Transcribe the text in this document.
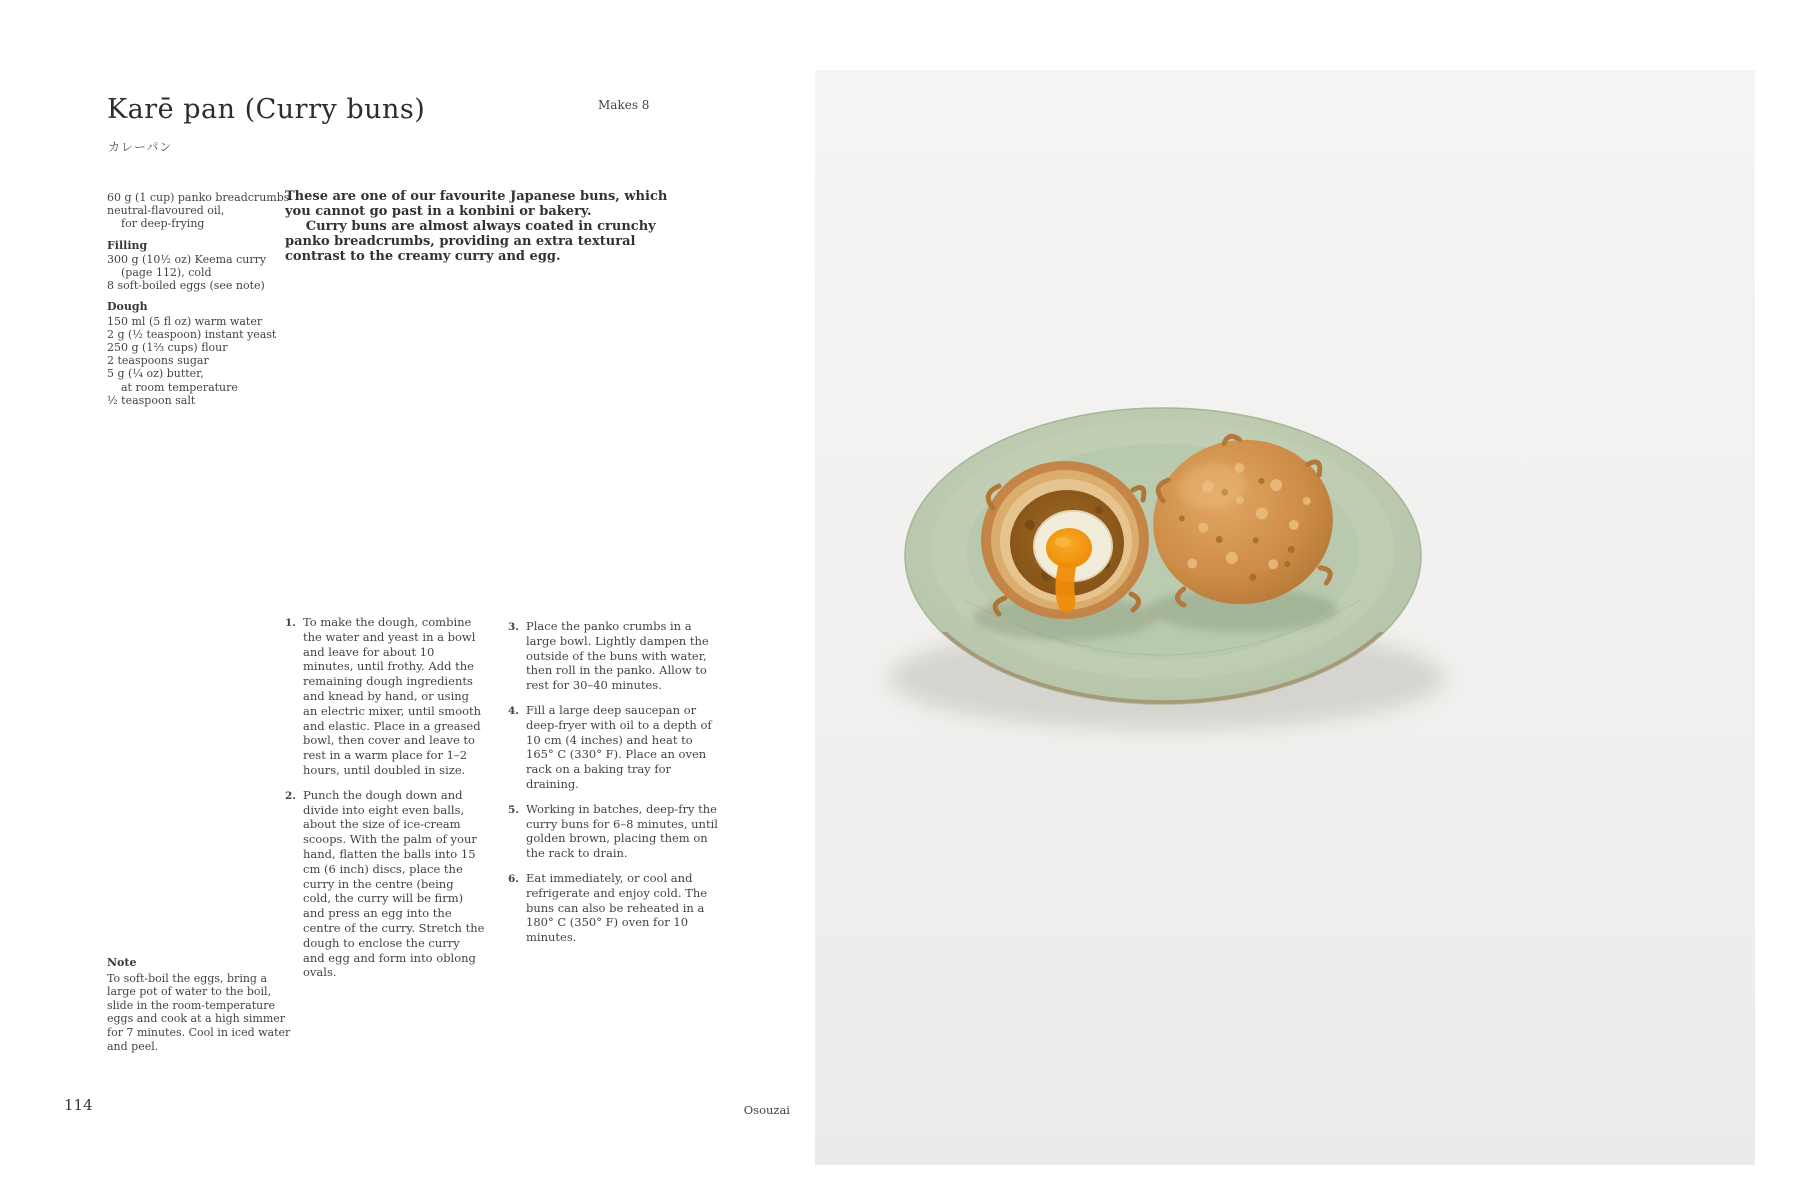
Karē pan (Curry buns)
カレーパン
Makes 8
60 g (1 cup) panko breadcrumbs
neutral-flavoured oil,
for deep-frying
Filling
300 g (10½ oz) Keema curry
(page 112), cold
8 soft-boiled eggs (see note)
Dough
150 ml (5 fl oz) warm water
2 g (½ teaspoon) instant yeast
250 g (1⅔ cups) flour
2 teaspoons sugar
5 g (¼ oz) butter,
at room temperature
½ teaspoon salt

These are one of our favourite Japanese buns, which you cannot go past in a konbini or bakery.

Curry buns are almost always coated in crunchy panko breadcrumbs, providing an extra textural contrast to the creamy curry and egg.

1. To make the dough, combine the water and yeast in a bowl and leave for about 10 minutes, until frothy. Add the remaining dough ingredients and knead by hand, or using an electric mixer, until smooth and elastic. Place in a greased bowl, then cover and leave to rest in a warm place for 1–2 hours, until doubled in size.
2. Punch the dough down and divide into eight even balls, about the size of ice-cream scoops. With the palm of your hand, flatten the balls into 15 cm (6 inch) discs, place the curry in the centre (being cold, the curry will be firm) and press an egg into the centre of the curry. Stretch the dough to enclose the curry and egg and form into oblong ovals.
3. Place the panko crumbs in a large bowl. Lightly dampen the outside of the buns with water, then roll in the panko. Allow to rest for 30–40 minutes.
4. Fill a large deep saucepan or deep-fryer with oil to a depth of 10 cm (4 inches) and heat to 165° C (330° F). Place an oven rack on a baking tray for draining.
5. Working in batches, deep-fry the curry buns for 6–8 minutes, until golden brown, placing them on the rack to drain.
6. Eat immediately, or cool and refrigerate and enjoy cold. The buns can also be reheated in a 180° C (350° F) oven for 10 minutes.
Note
To soft-boil the eggs, bring a large pot of water to the boil, slide in the room-temperature eggs and cook at a high simmer for 7 minutes. Cool in iced water and peel.
114	Osouzai
